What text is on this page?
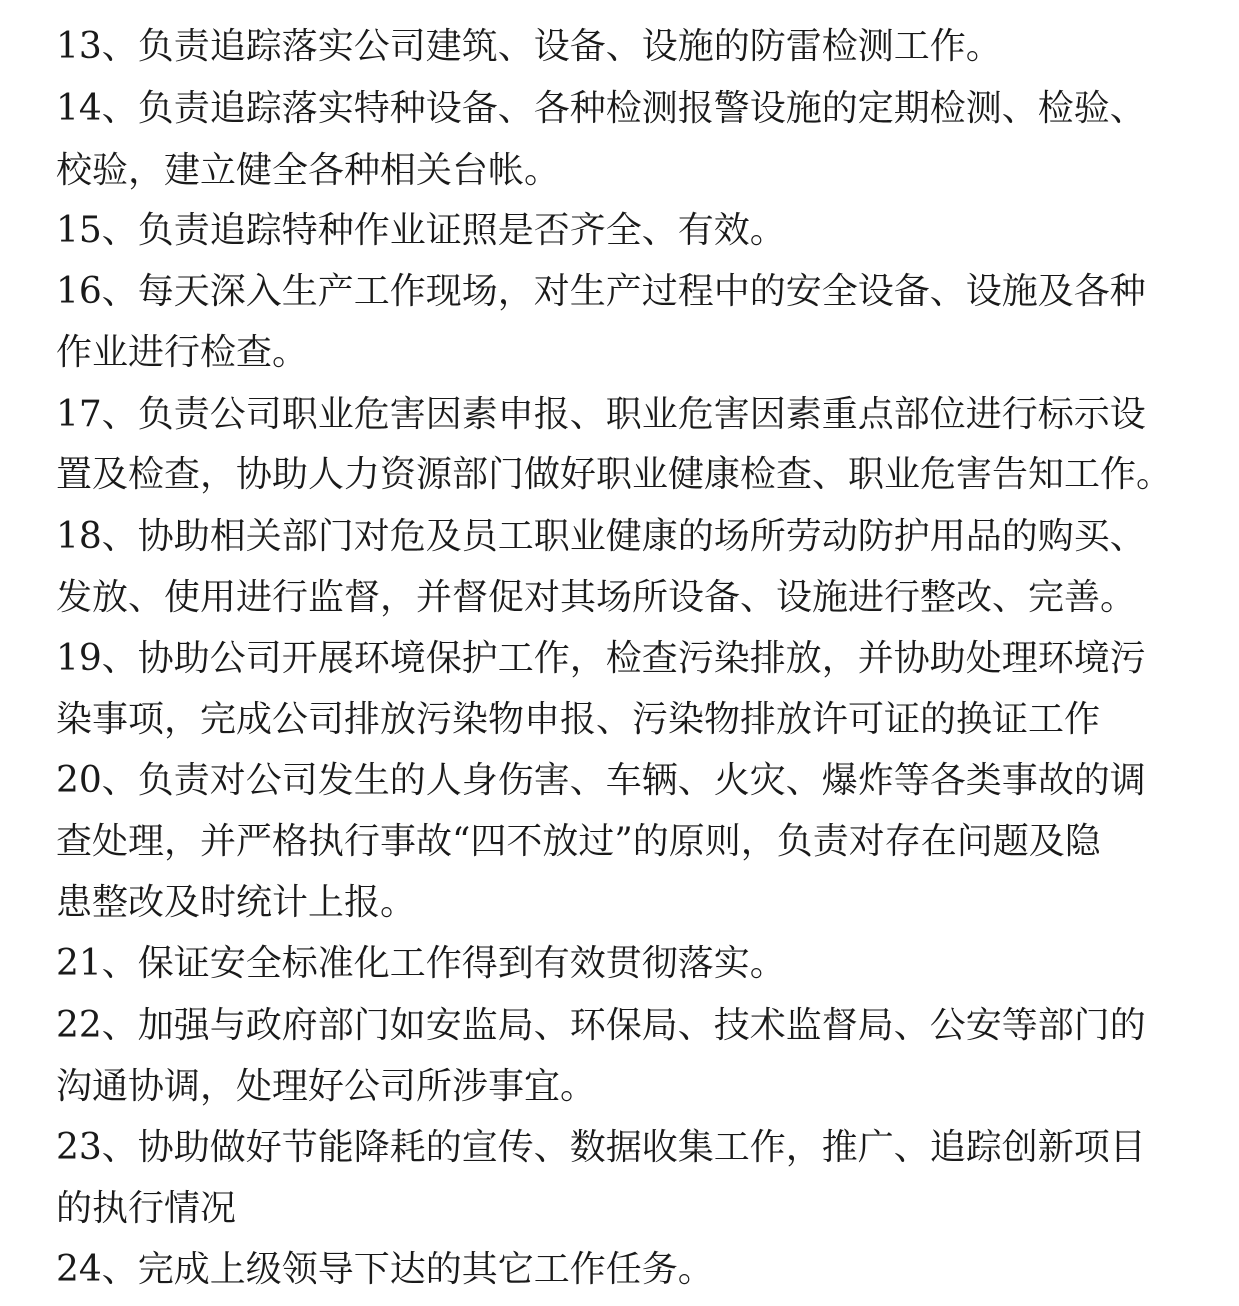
13、负责追踪落实公司建筑、设备、设施的防雷检测工作。
14、负责追踪落实特种设备、各种检测报警设施的定期检测、检验、
校验，建立健全各种相关台帐。
15、负责追踪特种作业证照是否齐全、有效。
16、每天深入生产工作现场，对生产过程中的安全设备、设施及各种
作业进行检查。
17、负责公司职业危害因素申报、职业危害因素重点部位进行标示设
置及检查，协助人力资源部门做好职业健康检查、职业危害告知工作。
18、协助相关部门对危及员工职业健康的场所劳动防护用品的购买、
发放、使用进行监督，并督促对其场所设备、设施进行整改、完善。
19、协助公司开展环境保护工作，检查污染排放，并协助处理环境污
染事项，完成公司排放污染物申报、污染物排放许可证的换证工作
20、负责对公司发生的人身伤害、车辆、火灾、爆炸等各类事故的调
查处理，并严格执行事故“四不放过”的原则，负责对存在问题及隐
患整改及时统计上报。
21、保证安全标准化工作得到有效贯彻落实。
22、加强与政府部门如安监局、环保局、技术监督局、公安等部门的
沟通协调，处理好公司所涉事宜。
23、协助做好节能降耗的宣传、数据收集工作，推广、追踪创新项目
的执行情况
24、完成上级领导下达的其它工作任务。
